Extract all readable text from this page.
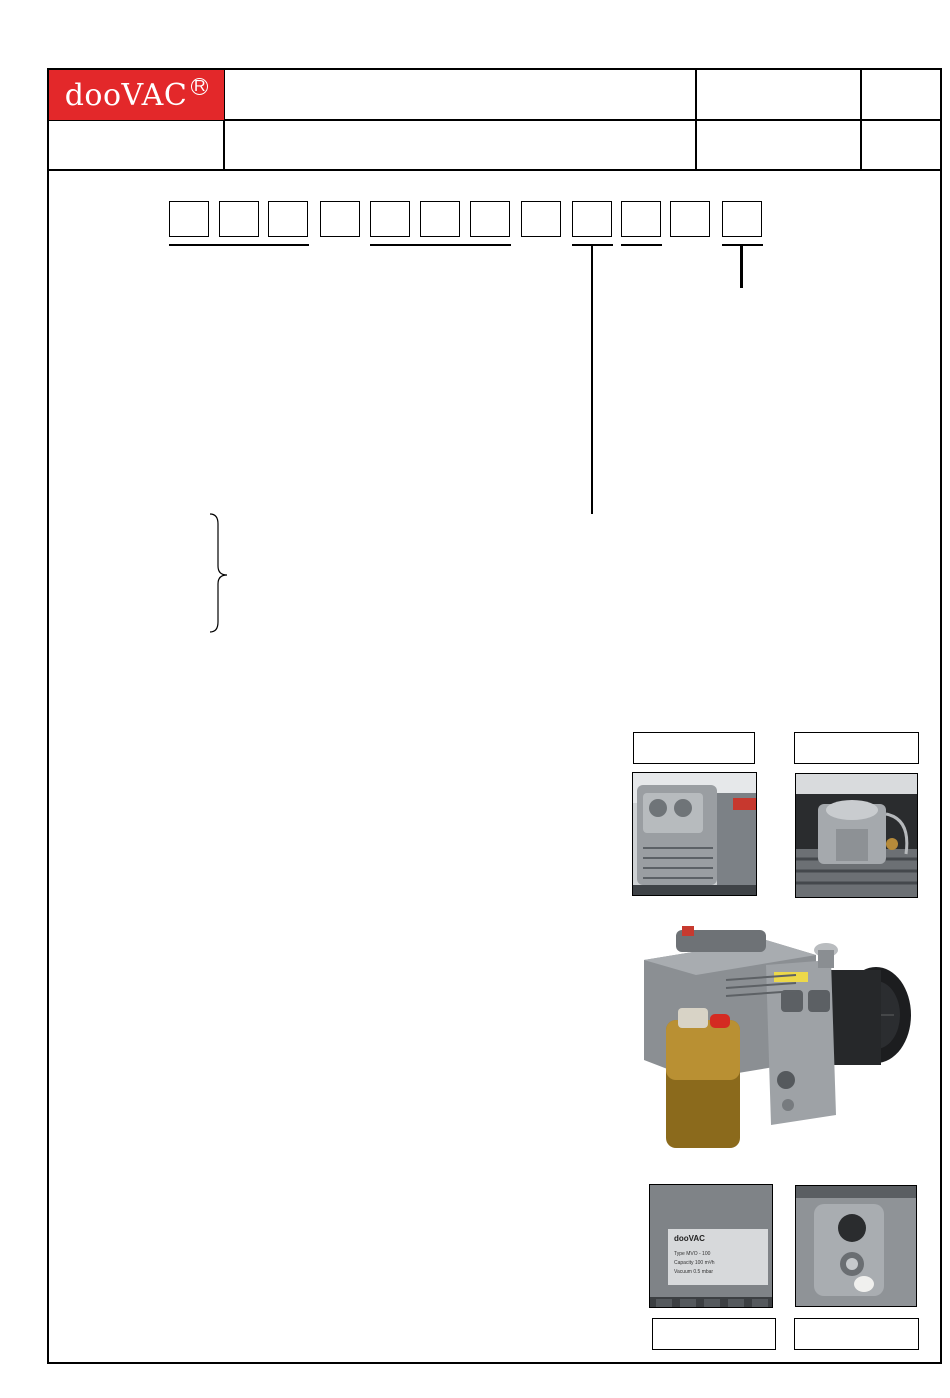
dooVAC R
dooVAC
Type MVO - 100
Capacity 100 m³/h
Vacuum 0.5 mbar
